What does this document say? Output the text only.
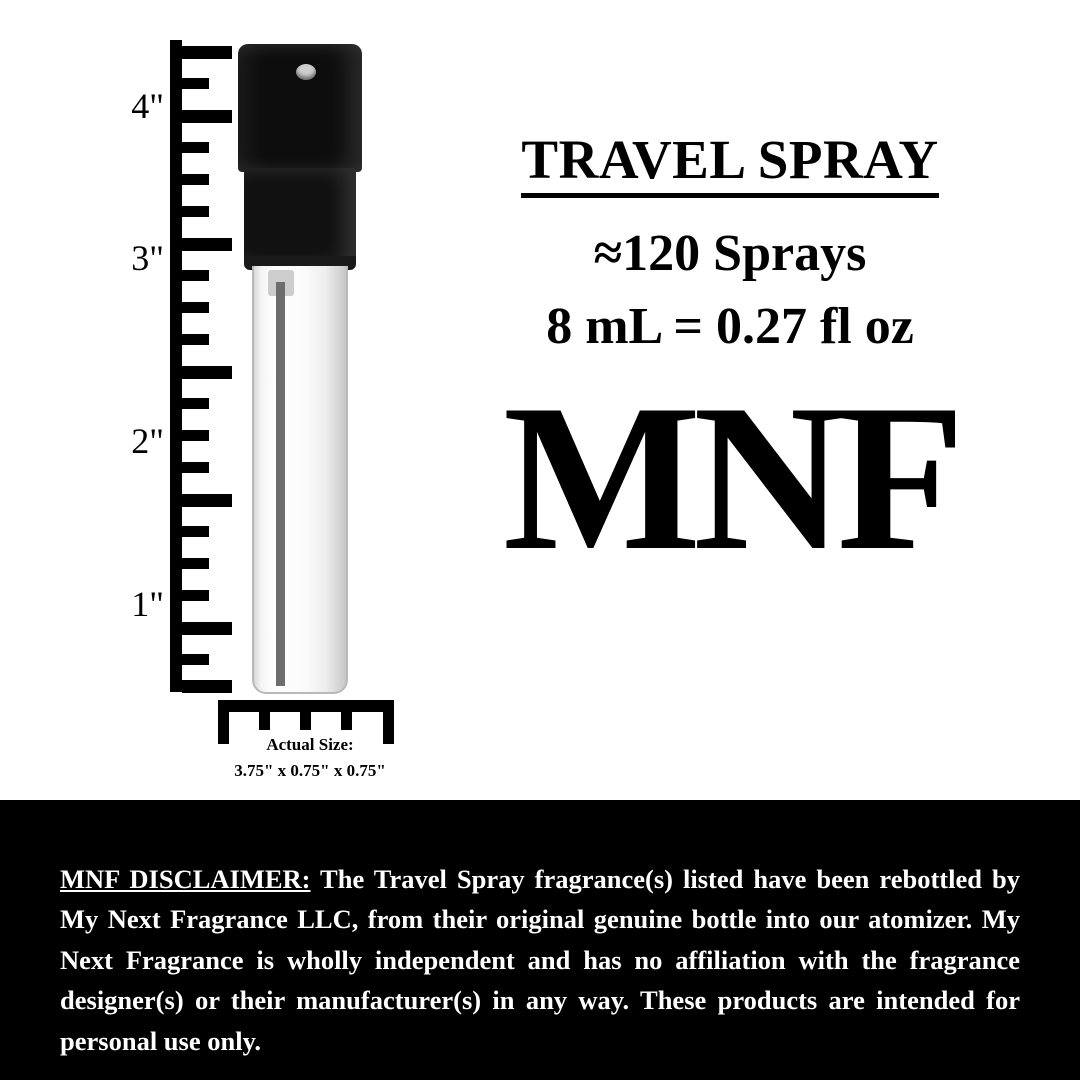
4"
3"
2"
1"
Actual Size:
3.75" x 0.75" x 0.75"
TRAVEL SPRAY
≈120 Sprays
8 mL = 0.27 fl oz
MNF

MNF DISCLAIMER: The Travel Spray fragrance(s) listed have been rebottled by My Next Fragrance LLC, from their original genuine bottle into our atomizer. My Next Fragrance is wholly independent and has no affiliation with the fragrance designer(s) or their manufacturer(s) in any way. These products are intended for personal use only.
